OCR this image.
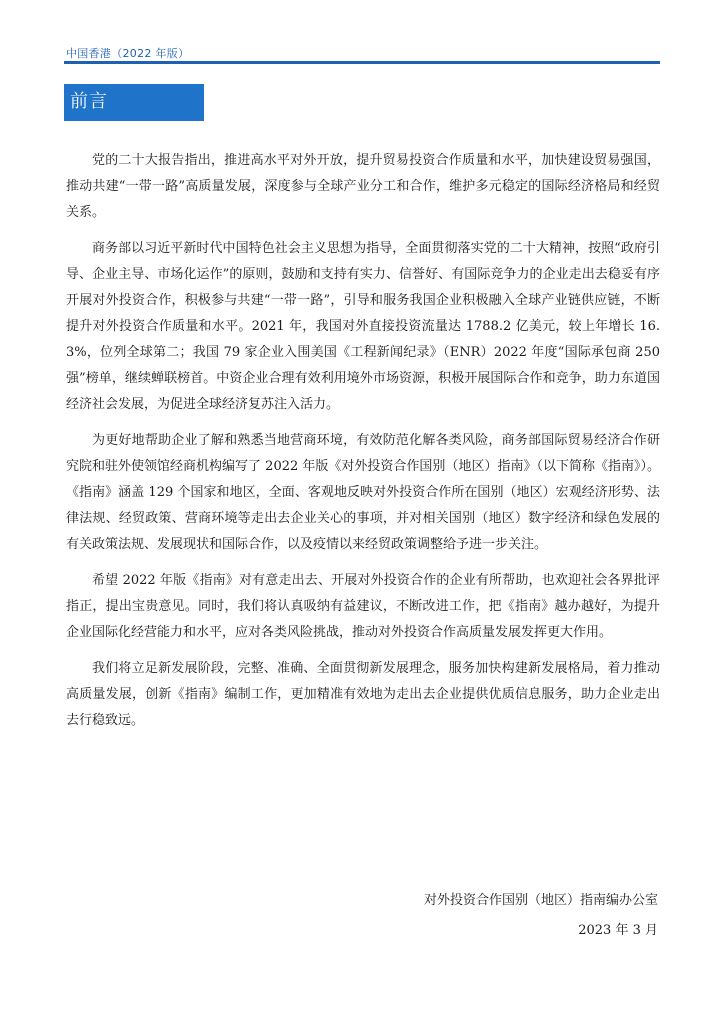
中国香港（2022 年版）
前言

党的二十大报告指出，推进高水平对外开放，提升贸易投资合作质量和水平，加快建设贸易强国，推动共建“一带一路”高质量发展，深度参与全球产业分工和合作，维护多元稳定的国际经济格局和经贸关系。

商务部以习近平新时代中国特色社会主义思想为指导，全面贯彻落实党的二十大精神，按照“政府引导、企业主导、市场化运作”的原则，鼓励和支持有实力、信誉好、有国际竞争力的企业走出去稳妥有序开展对外投资合作，积极参与共建“一带一路”，引导和服务我国企业积极融入全球产业链供应链，不断提升对外投资合作质量和水平。2021 年，我国对外直接投资流量达 1788.2 亿美元，较上年增长 16.3%，位列全球第二；我国 79 家企业入围美国《工程新闻纪录》（ENR）2022 年度“国际承包商 250 强”榜单，继续蝉联榜首。中资企业合理有效利用境外市场资源，积极开展国际合作和竞争，助力东道国经济社会发展，为促进全球经济复苏注入活力。

为更好地帮助企业了解和熟悉当地营商环境，有效防范化解各类风险，商务部国际贸易经济合作研究院和驻外使领馆经商机构编写了 2022 年版《对外投资合作国别（地区）指南》（以下简称《指南》）。《指南》涵盖 129 个国家和地区，全面、客观地反映对外投资合作所在国别（地区）宏观经济形势、法律法规、经贸政策、营商环境等走出去企业关心的事项，并对相关国别（地区）数字经济和绿色发展的有关政策法规、发展现状和国际合作，以及疫情以来经贸政策调整给予进一步关注。

希望 2022 年版《指南》对有意走出去、开展对外投资合作的企业有所帮助，也欢迎社会各界批评指正，提出宝贵意见。同时，我们将认真吸纳有益建议，不断改进工作，把《指南》越办越好，为提升企业国际化经营能力和水平，应对各类风险挑战，推动对外投资合作高质量发展发挥更大作用。

我们将立足新发展阶段，完整、准确、全面贯彻新发展理念，服务加快构建新发展格局，着力推动高质量发展，创新《指南》编制工作，更加精准有效地为走出去企业提供优质信息服务，助力企业走出去行稳致远。

对外投资合作国别（地区）指南编办公室
2023 年 3 月
